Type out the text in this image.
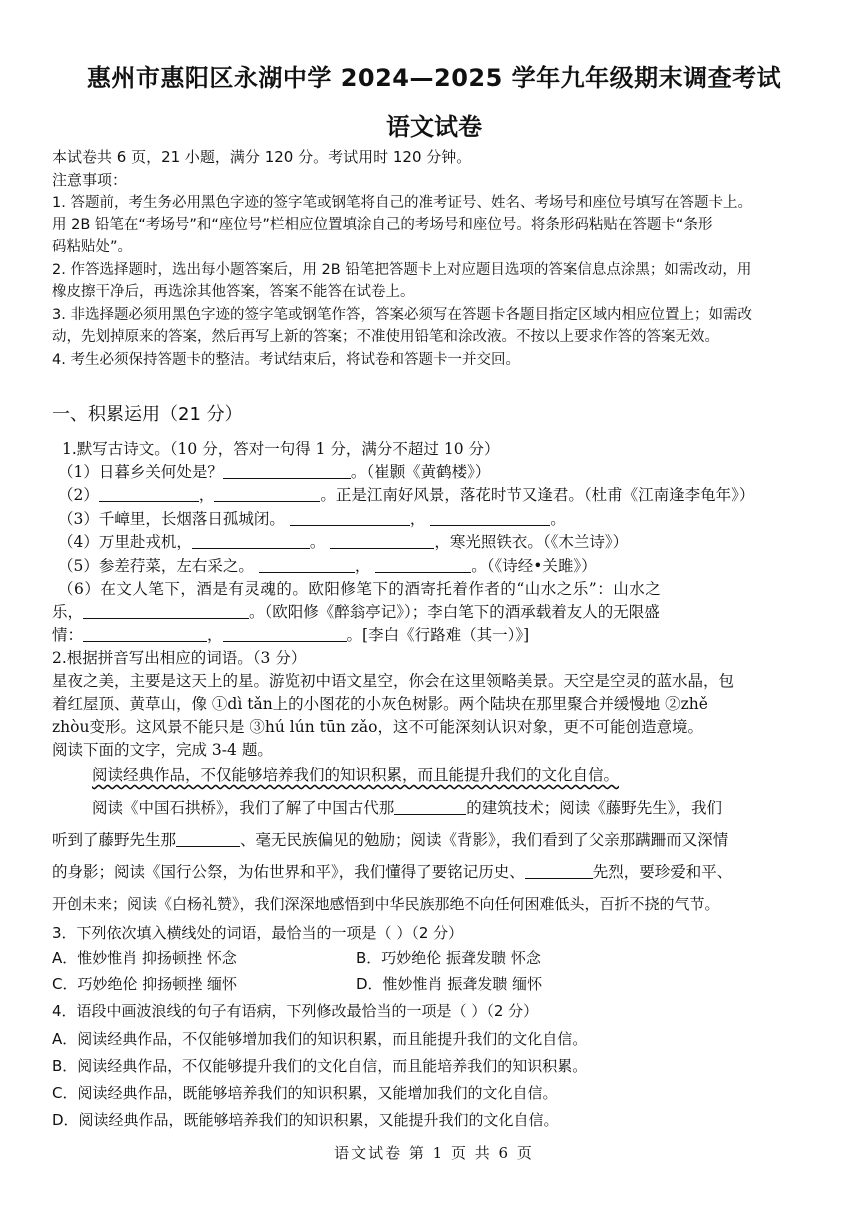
惠州市惠阳区永湖中学 2024—2025 学年九年级期末调查考试
语文试卷
本试卷共 6 页，21 小题，满分 120 分。考试用时 120 分钟。
注意事项：
1. 答题前，考生务必用黑色字迹的签字笔或钢笔将自己的准考证号、姓名、考场号和座位号填写在答题卡上。
用 2B 铅笔在“考场号”和“座位号”栏相应位置填涂自己的考场号和座位号。将条形码粘贴在答题卡“条形
码粘贴处”。
2. 作答选择题时，选出每小题答案后，用 2B 铅笔把答题卡上对应题目选项的答案信息点涂黑；如需改动，用
橡皮擦干净后，再选涂其他答案，答案不能答在试卷上。
3. 非选择题必须用黑色字迹的签字笔或钢笔作答，答案必须写在答题卡各题目指定区域内相应位置上；如需改
动，先划掉原来的答案，然后再写上新的答案；不准使用铅笔和涂改液。不按以上要求作答的答案无效。
4. 考生必须保持答题卡的整洁。考试结束后，将试卷和答题卡一并交回。
一、积累运用（21 分）
1.默写古诗文。（10 分，答对一句得 1 分，满分不超过 10 分）
（1）日暮乡关何处是？	。（崔颢《黄鹤楼》）
（2）	，	。正是江南好风景，落花时节又逢君。（杜甫《江南逢李龟年》）
（3）千嶂里，长烟落日孤城闭。	，	。
（4）万里赴戎机，	。	，寒光照铁衣。（《木兰诗》）
（5）参差荇菜，左右采之。	，	。（《诗经•关雎》）
（6）在文人笔下，酒是有灵魂的。欧阳修笔下的酒寄托着作者的“山水之乐”：山水之
乐，	。（欧阳修《醉翁亭记》）；李白笔下的酒承载着友人的无限盛
情：	，	。[李白《行路难（其一）》]
2.根据拼音写出相应的词语。（3 分）
星夜之美，主要是这天上的星。游览初中语文星空，你会在这里领略美景。天空是空灵的蓝水晶，包
着红屋顶、黄草山，像 ①dì tǎn上的小图花的小灰色树影。两个陆块在那里聚合并缓慢地 ②zhě
zhòu变形。这风景不能只是 ③hú lún tūn zǎo，这不可能深刻认识对象，更不可能创造意境。
阅读下面的文字，完成 3-4 题。
阅读经典作品，不仅能够培养我们的知识积累，而且能提升我们的文化自信。
阅读《中国石拱桥》，我们了解了中国古代那	的建筑技术；阅读《藤野先生》，我们
听到了藤野先生那	、毫无民族偏见的勉励；阅读《背影》，我们看到了父亲那蹒跚而又深情
的身影；阅读《国行公祭，为佑世界和平》，我们懂得了要铭记历史、	先烈，要珍爱和平、
开创未来；阅读《白杨礼赞》，我们深深地感悟到中华民族那绝不向任何困难低头，百折不挠的气节。
3．下列依次填入横线处的词语，最恰当的一项是（ ）（2 分）
A．惟妙惟肖 抑扬顿挫 怀念	B．巧妙绝伦 振聋发聩 怀念
C．巧妙绝伦 抑扬顿挫 缅怀	D．惟妙惟肖 振聋发聩 缅怀
4．语段中画波浪线的句子有语病，下列修改最恰当的一项是（ ）（2 分）
A．阅读经典作品，不仅能够增加我们的知识积累，而且能提升我们的文化自信。
B．阅读经典作品，不仅能够提升我们的文化自信，而且能培养我们的知识积累。
C．阅读经典作品，既能够培养我们的知识积累，又能增加我们的文化自信。
D．阅读经典作品，既能够培养我们的知识积累，又能提升我们的文化自信。
语文试卷 第 1 页 共 6 页
